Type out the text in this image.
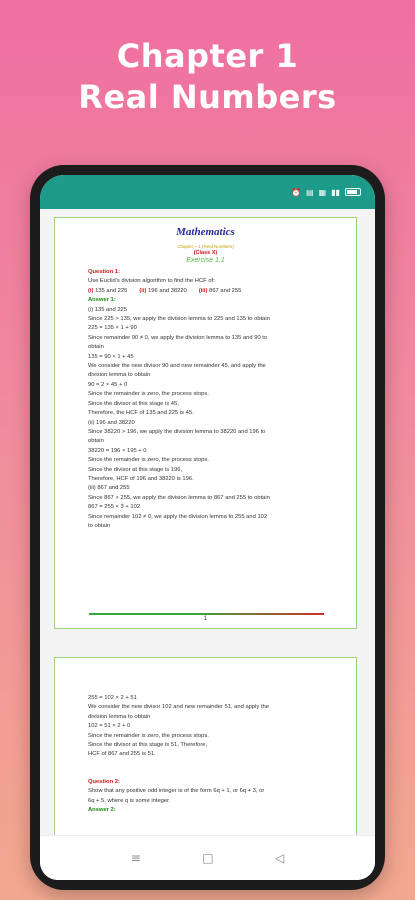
Chapter 1
Real Numbers
⏰ ▤ ▦ ▮▮
Mathematics
Chapter – 1 (Real Numbers)
(Class X)
Exercise 1.1
Question 1:
Use Euclid's division algorithm to find the HCF of:
(i) 135 and 225 (ii) 196 and 38220 (iii) 867 and 255
Answer 1:
(i) 135 and 225
Since 225 > 135, we apply the division lemma to 225 and 135 to obtain
225 = 135 × 1 + 90
Since remainder 90 ≠ 0, we apply the division lemma to 135 and 90 to
obtain
135 = 90 × 1 + 45
We consider the new divisor 90 and new remainder 45, and apply the
division lemma to obtain
90 = 2 × 45 + 0
Since the remainder is zero, the process stops.
Since the divisor at this stage is 45,
Therefore, the HCF of 135 and 225 is 45.
(ii) 196 and 38220
Since 38220 > 196, we apply the division lemma to 38220 and 196 to
obtain
38220 = 196 × 195 + 0
Since the remainder is zero, the process stops.
Since the divisor at this stage is 196,
Therefore, HCF of 196 and 38220 is 196.
(iii) 867 and 255
Since 867 > 255, we apply the division lemma to 867 and 255 to obtain
867 = 255 × 3 + 102
Since remainder 102 ≠ 0, we apply the division lemma to 255 and 102
to obtain
1
255 = 102 × 2 + 51
We consider the new divisor 102 and new remainder 51, and apply the
division lemma to obtain
102 = 51 × 2 + 0
Since the remainder is zero, the process stops.
Since the divisor at this stage is 51, Therefore,
HCF of 867 and 255 is 51.
Question 2:
Show that any positive odd integer is of the form 6q + 1, or 6q + 3, or
6q + 5, where q is some integer.
Answer 2:
≡	□	◁
